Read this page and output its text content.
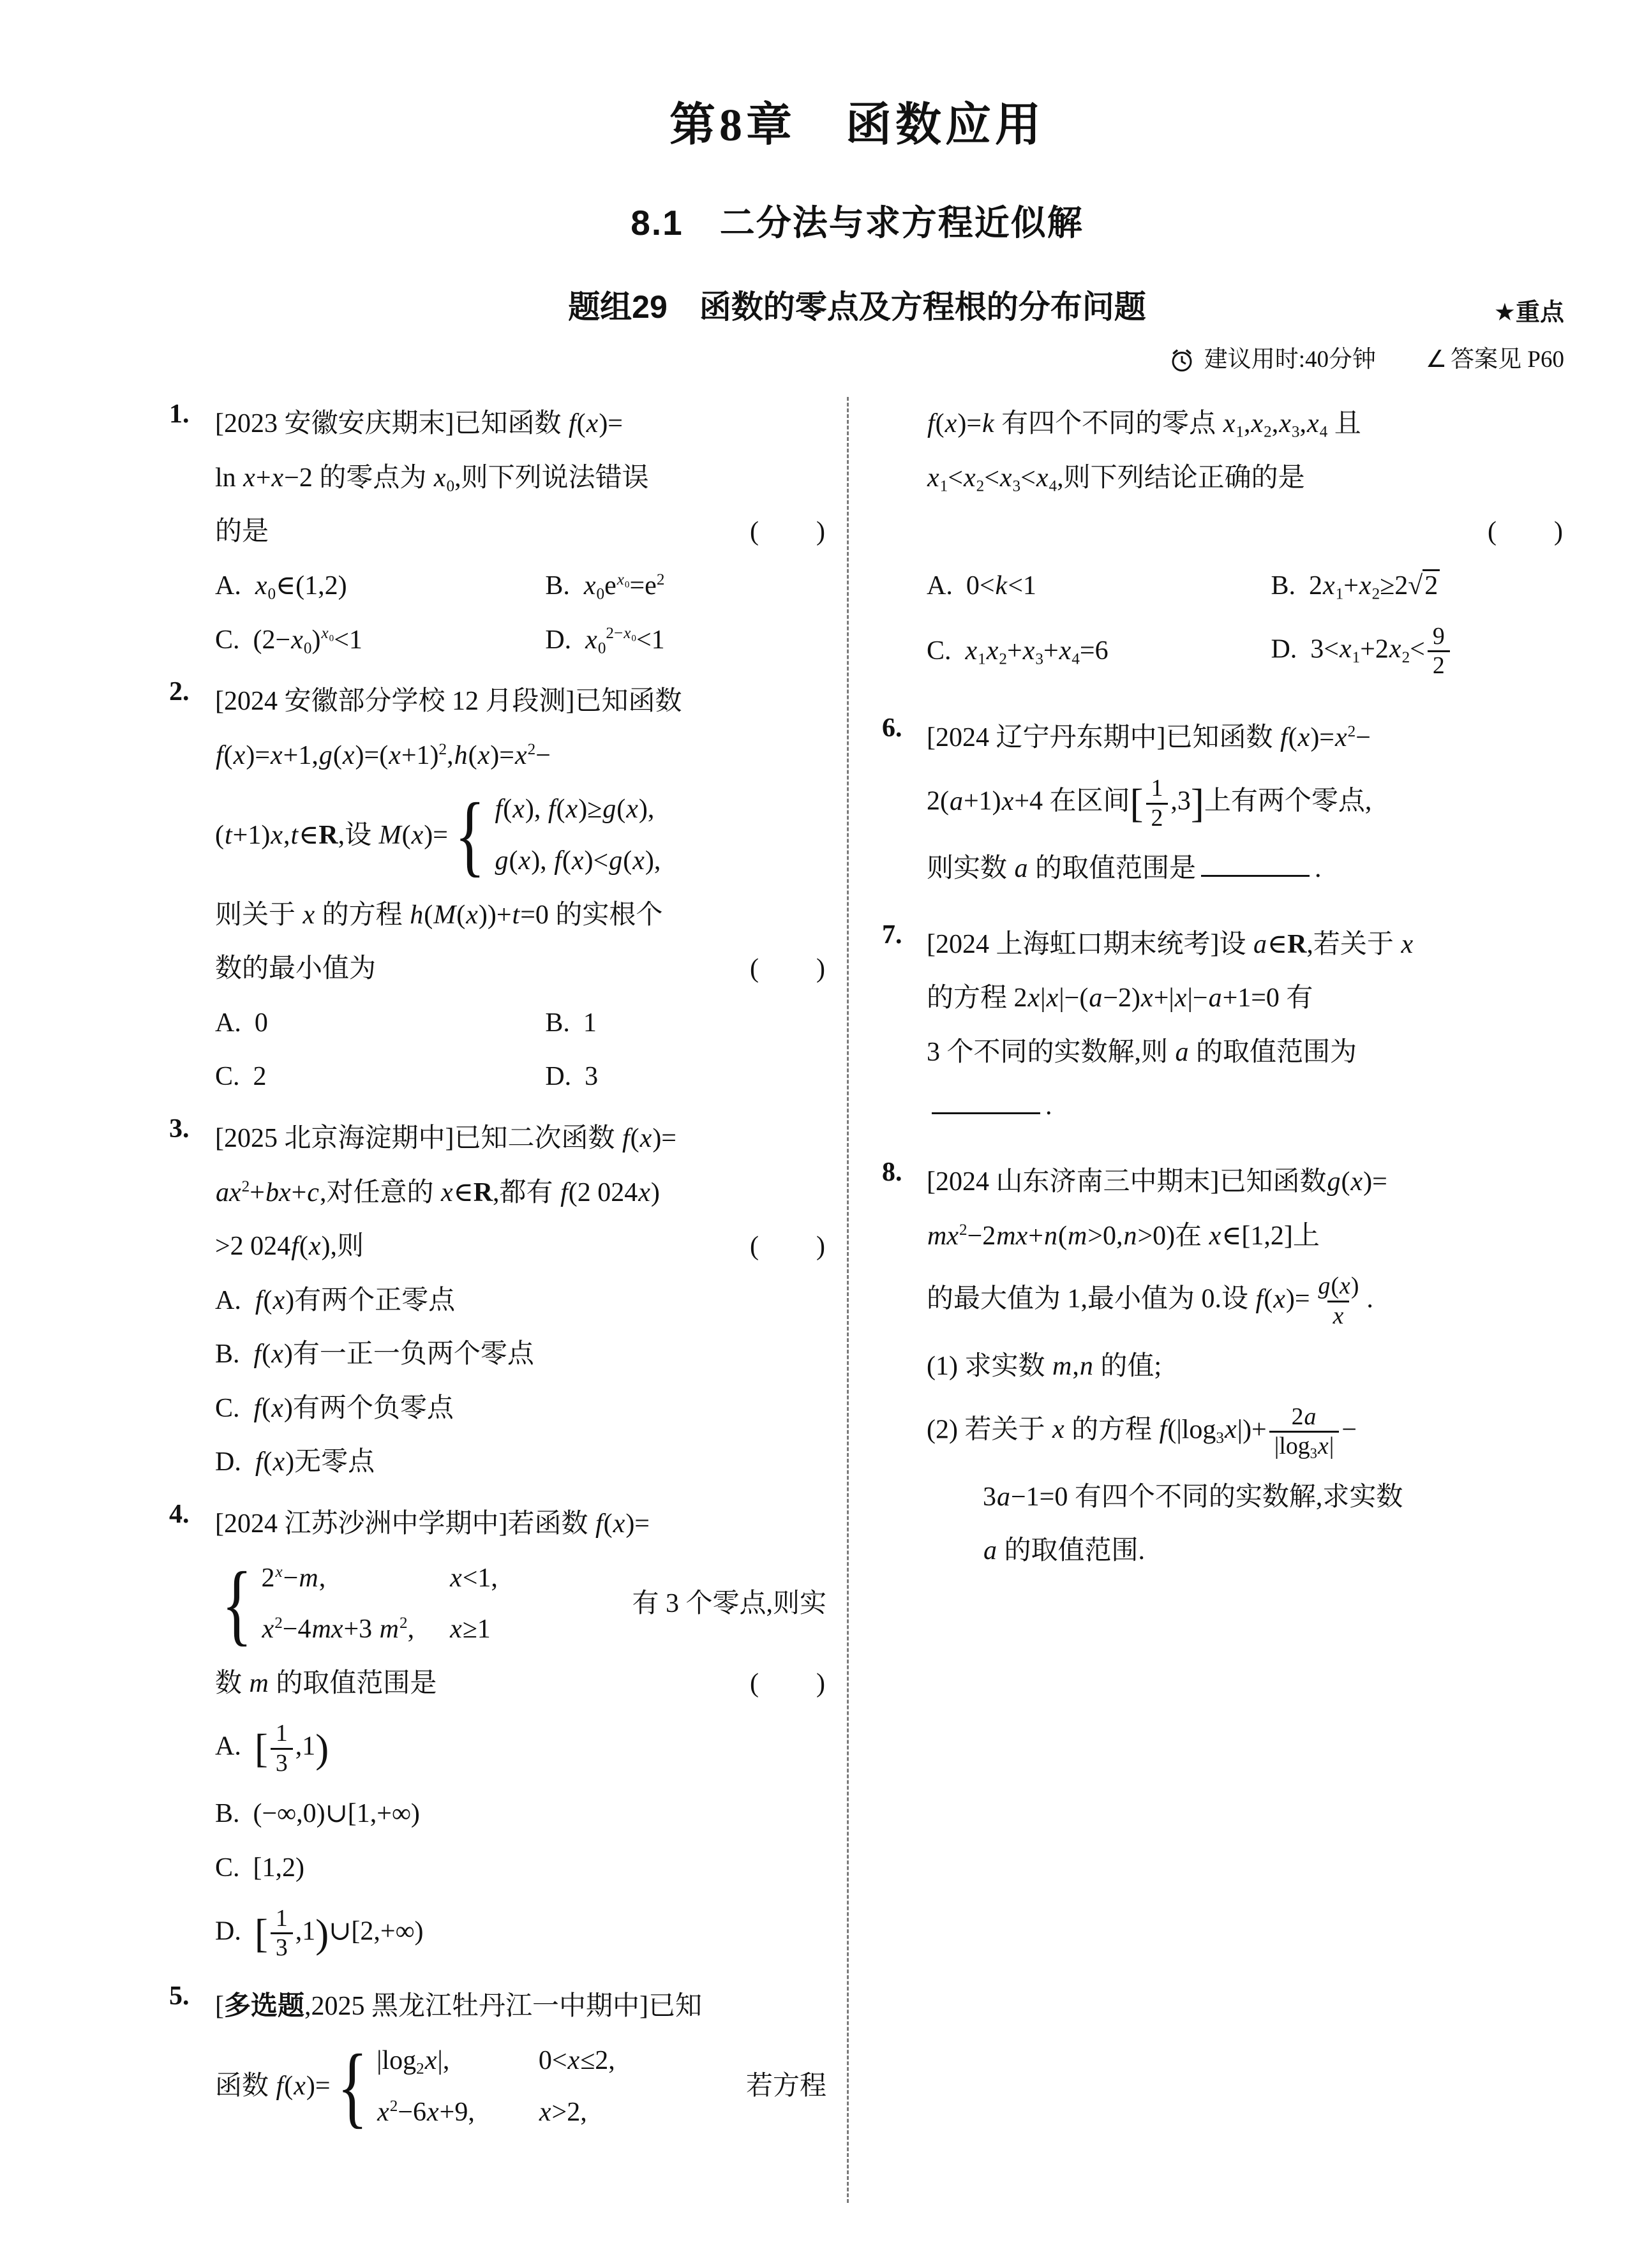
第8章　函数应用
8.1　二分法与求方程近似解
题组29　函数的零点及方程根的分布问题	★重点
建议用时:40分钟 ∠ 答案见 P60
1. [2023 安徽安庆期末]已知函数 f(x)=
ln x+x−2 的零点为 $x_0$,则下列说法错误
的是	(　　)
A. $x_0\in(1,2)$	B. $x_0e^{x_0}=e^2$
C. $(2-x_0)^{x_0}<1$	D. $x_0^{2-x_0}<1$
2. [2024 安徽部分学校 12 月段测]已知函数
$f(x)=x+1,g(x)=(x+1)^2,h(x)=x^2-$
(t+1)x,t∈R,设 M(x)= { f(x), f(x)≥g(x),
g(x), f(x)<g(x),
则关于 x 的方程 h(M(x))+t=0 的实根个
数的最小值为	(　　)
A. 0	B. 1
C. 2	D. 3
3. [2025 北京海淀期中]已知二次函数 f(x)=
$ax^2+bx+c$,对任意的 x∈R,都有 f(2 024x)
>2 024f(x),则	(　　)
A. f(x)有两个正零点
B. f(x)有一正一负两个零点
C. f(x)有两个负零点
D. f(x)无零点
4. [2024 江苏沙洲中学期中]若函数 f(x)=
{ $2^x-m$,	x<1,
$x^2-4mx+3$ $m^2$, x≥1
有 3 个零点,则实
数 m 的取值范围是	(　　)
A. [ $\frac{1}{3} ,1$)
B. (−∞,0)∪[1,+∞)
C. [1,2)
D. [ $\frac{1}{3}$ ,1)∪[2,+∞)
5. [多选题,2025 黑龙江牡丹江一中期中]已知
函数 f(x)= { $|\log_2x|$,	0<x≤2,
$x^2-6x+9$, x>2,
若方程
f(x)=k 有四个不同的零点 $x_1,x_2,x_3,x_4$ 且
$x_1<x_2<x_3<x_4$,则下列结论正确的是
(　　)
A. 0<k<1	B. $2x_1+x_2\ge 2√2$
C. $x_1x_2+x_3+x_4=6$	D. $3<x_1+2x_2< \frac{9}{2}$
6. [2024 辽宁丹东期中]已知函数 $f(x)=x^2-$
2(a+1)x+4 在区间[ $\frac{1}{2} ,3$]上有两个零点,
则实数 a 的取值范围是	.
7. [2024 上海虹口期末统考]设 a∈R,若关于 x
的方程 2x|x|−(a−2)x+|x|−a+1=0 有
3 个不同的实数解,则 a 的取值范围为
.
8. [2024 山东济南三中期末]已知函数g(x)=
$mx^2-2mx+n(m>0,n>0)$在 x∈[1,2]上
的最大值为 1,最小值为 0.设 $f(x)= \frac{g(x)}{x}$ .
(1) 求实数 m,n 的值;
(2) 若关于 x 的方程 $f(|\log_3x|)+ \frac{2a}{|\log_3x|}$ −
3a−1=0 有四个不同的实数解,求实数
a 的取值范围.
